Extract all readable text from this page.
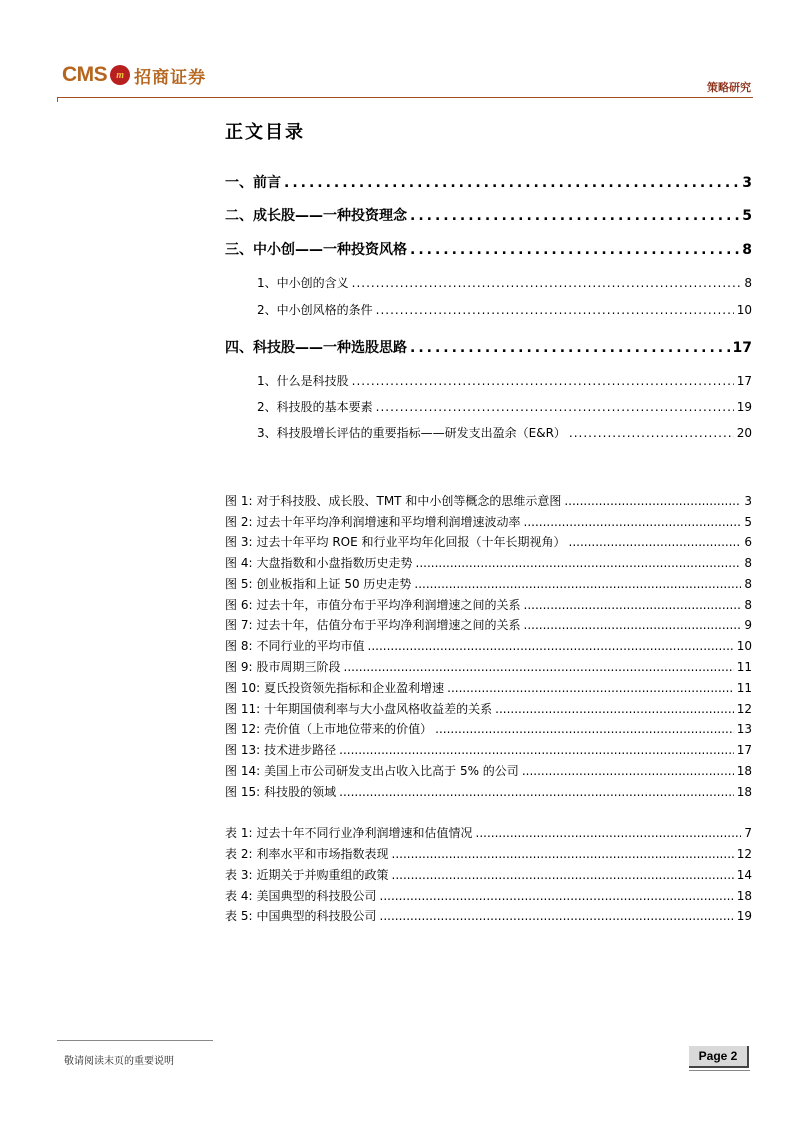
CMS m 招商证券	策略研究
正文目录
一、 前言 .....	3
二、 成长股——一种投资理念 .....	5
三、 中小创——一种投资风格 .....	8
1、 中小创的含义 .....	8
2、 中小创风格的条件 .....	10
四、 科技股——一种选股思路 .....	17
1、 什么是科技股 .....	17
2、 科技股的基本要素 .....	19
3、 科技股增长评估的重要指标——研发支出盈余（E&R） .....	20
图 1: 对于科技股、成长股、TMT 和中小创等概念的思维示意图 .....	3
图 2: 过去十年平均净利润增速和平均增利润增速波动率 .....	5
图 3: 过去十年平均 ROE 和行业平均年化回报（十年长期视角） .....	6
图 4: 大盘指数和小盘指数历史走势 .....	8
图 5: 创业板指和上证 50 历史走势 .....	8
图 6: 过去十年，市值分布于平均净利润增速之间的关系 .....	8
图 7: 过去十年，估值分布于平均净利润增速之间的关系 .....	9
图 8: 不同行业的平均市值 .....	10
图 9: 股市周期三阶段 .....	11
图 10: 夏氏投资领先指标和企业盈利增速 .....	11
图 11: 十年期国债利率与大小盘风格收益差的关系 .....	12
图 12: 壳价值（上市地位带来的价值） .....	13
图 13: 技术进步路径 .....	17
图 14: 美国上市公司研发支出占收入比高于 5% 的公司 .....	18
图 15: 科技股的领域 .....	18
表 1: 过去十年不同行业净利润增速和估值情况 .....	7
表 2: 利率水平和市场指数表现 .....	12
表 3: 近期关于并购重组的政策 .....	14
表 4: 美国典型的科技股公司 .....	18
表 5: 中国典型的科技股公司 .....	19
敬请阅读末页的重要说明	Page 2
